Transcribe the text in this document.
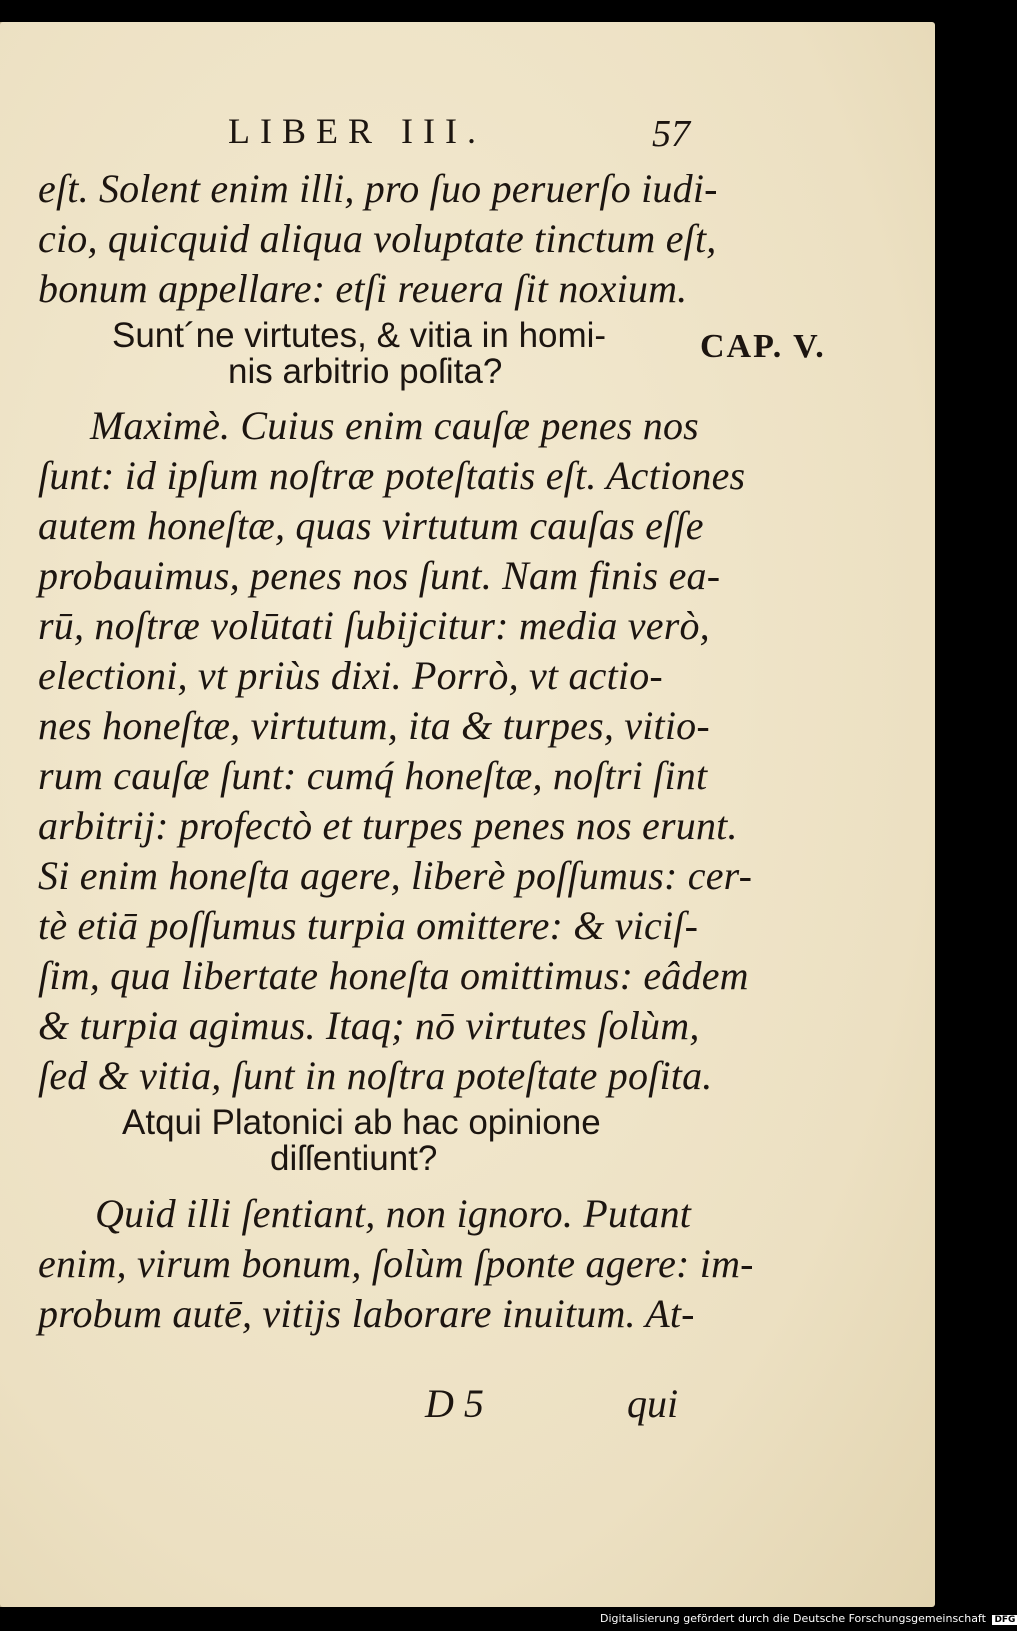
LIBER III.	57
CAP. V.
eſt. Solent enim illi, pro ſuo peruerſo iudi-
cio, quicquid aliqua voluptate tinctum eſt,
bonum appellare: etſi reuera ſit noxium.
Sunt´ne virtutes, & vitia in homi-
nis arbitrio poſita?
Maximè. Cuius enim cauſæ penes nos
ſunt: id ipſum noſtræ poteſtatis eſt. Actiones
autem honeſtæ, quas virtutum cauſas eſſe
probauimus, penes nos ſunt. Nam finis ea-
rū, noſtræ volūtati ſubijcitur: media verò,
electioni, vt priùs dixi. Porrò, vt actio-
nes honeſtæ, virtutum, ita & turpes, vitio-
rum cauſæ ſunt: cumq́ honeſtæ, noſtri ſint
arbitrij: profectò et turpes penes nos erunt.
Si enim honeſta agere, liberè poſſumus: cer-
tè etiā poſſumus turpia omittere: & viciſ-
ſim, qua libertate honeſta omittimus: eâdem
& turpia agimus. Itaq; nō virtutes ſolùm,
ſed & vitia, ſunt in noſtra poteſtate poſita.
Atqui Platonici ab hac opinione
diſſentiunt?
Quid illi ſentiant, non ignoro. Putant
enim, virum bonum, ſolùm ſponte agere: im-
probum autē, vitijs laborare inuitum. At-
D 5	qui
Digitalisierung gefördert durch die Deutsche Forschungsgemeinschaft DFG
